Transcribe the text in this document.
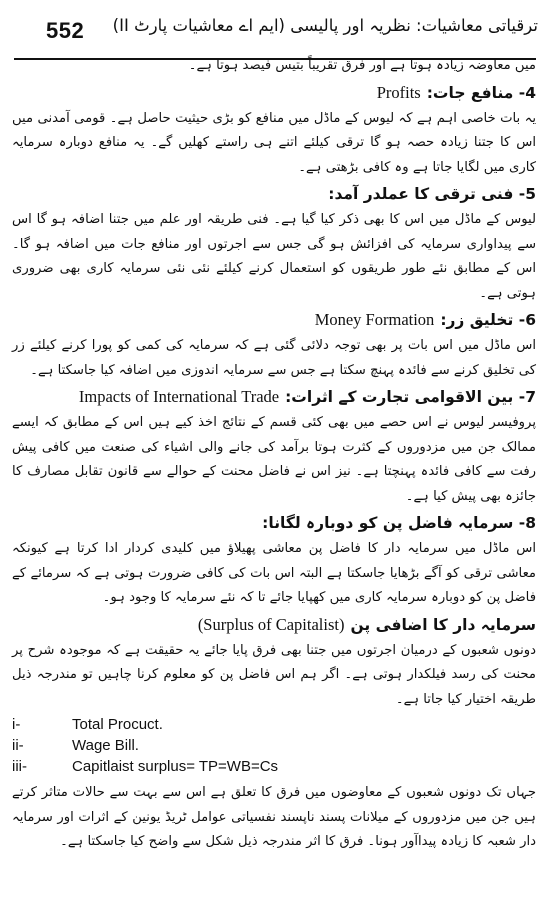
552 ترقیاتی معاشیات: نظریہ اور پالیسی (ایم اے معاشیات پارٹ II)

میں معاوضہ زیادہ ہوتا ہے اور فرق تقریباً بتیس فیصد ہوتا ہے۔

4- منافع جات:
Profits

یہ بات خاصی اہم ہے کہ لیوس کے ماڈل میں منافع کو بڑی حیثیت حاصل ہے۔ قومی آمدنی میں اس کا جتنا زیادہ حصہ ہو گا ترقی کیلئے اتنے ہی راستے کھلیں گے۔ یہ منافع دوبارہ سرمایہ کاری میں لگایا جاتا ہے وہ کافی بڑھتی ہے۔

5- فنی ترقی کا عملدر آمد:

لیوس کے ماڈل میں اس کا بھی ذکر کیا گیا ہے۔ فنی طریقہ اور علم میں جتنا اضافہ ہو گا اس سے پیداواری سرمایہ کی افزائش ہو گی جس سے اجرتوں اور منافع جات میں اضافہ ہو گا۔ اس کے مطابق نئے طور طریقوں کو استعمال کرنے کیلئے نئی نئی سرمایہ کاری بھی ضروری ہوتی ہے۔

6- تخلیق زر:
Money Formation

اس ماڈل میں اس بات پر بھی توجہ دلائی گئی ہے کہ سرمایہ کی کمی کو پورا کرنے کیلئے زر کی تخلیق کرنے سے فائدہ پہنچ سکتا ہے جس سے سرمایہ اندوزی میں اضافہ کیا جاسکتا ہے۔

7- بین الاقوامی تجارت کے اثرات:
Impacts of International Trade

پروفیسر لیوس نے اس حصے میں بھی کئی قسم کے نتائج اخذ کیے ہیں اس کے مطابق کہ ایسے ممالک جن میں مزدوروں کے کثرت ہوتا برآمد کی جانے والی اشیاء کی صنعت میں کافی پیش رفت سے کافی فائدہ پہنچتا ہے۔ نیز اس نے فاضل محنت کے حوالے سے قانون تقابل مصارف کا جائزہ بھی پیش کیا ہے۔

8- سرمایہ فاضل پن کو دوبارہ لگانا:

اس ماڈل میں سرمایہ دار کا فاضل پن معاشی پھیلاؤ میں کلیدی کردار ادا کرتا ہے کیونکہ معاشی ترقی کو آگے بڑھایا جاسکتا ہے البتہ اس بات کی کافی ضرورت ہوتی ہے کہ سرمائے کے فاضل پن کو دوبارہ سرمایہ کاری میں کھپایا جائے تا کہ نئے سرمایہ کا وجود ہو۔

سرمایہ دار کا اضافی پن
(Surplus of Capitalist)

دونوں شعبوں کے درمیان اجرتوں میں جتنا بھی فرق پایا جائے یہ حقیقت ہے کہ موجودہ شرح پر محنت کی رسد فیلکدار ہوتی ہے۔ اگر ہم اس فاضل پن کو معلوم کرنا چاہیں تو مندرجہ ذیل طریقہ اختیار کیا جاتا ہے۔

i-	Total Procuct.
ii-	Wage Bill.
iii-	Capitlaist surplus= TP=WB=Cs

جہاں تک دونوں شعبوں کے معاوضوں میں فرق کا تعلق ہے اس سے بہت سے حالات متاثر کرتے ہیں جن میں مزدوروں کے میلانات پسند ناپسند نفسیاتی عوامل ٹریڈ یونین کے اثرات اور سرمایہ دار شعبہ کا زیادہ پیداآور ہونا۔ فرق کا اثر مندرجہ ذیل شکل سے واضح کیا جاسکتا ہے۔
